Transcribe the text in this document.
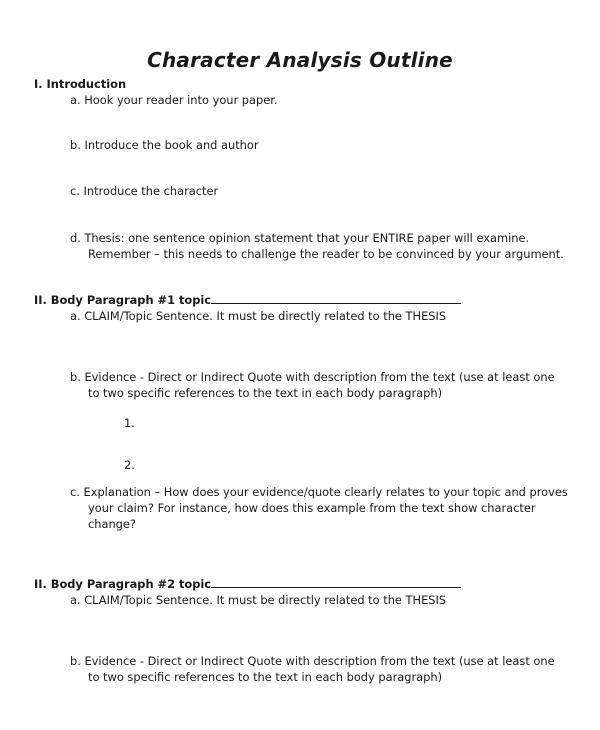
Character Analysis Outline

I. Introduction

a. Hook your reader into your paper.

b. Introduce the book and author

c. Introduce the character

d. Thesis: one sentence opinion statement that your ENTIRE paper will examine.

Remember – this needs to challenge the reader to be convinced by your argument.

II. Body Paragraph #1 topic

a. CLAIM/Topic Sentence. It must be directly related to the THESIS

b. Evidence - Direct or Indirect Quote with description from the text (use at least one

to two specific references to the text in each body paragraph)

1.

2.

c. Explanation – How does your evidence/quote clearly relates to your topic and proves

your claim? For instance, how does this example from the text show character

change?

II. Body Paragraph #2 topic

a. CLAIM/Topic Sentence. It must be directly related to the THESIS

b. Evidence - Direct or Indirect Quote with description from the text (use at least one

to two specific references to the text in each body paragraph)
